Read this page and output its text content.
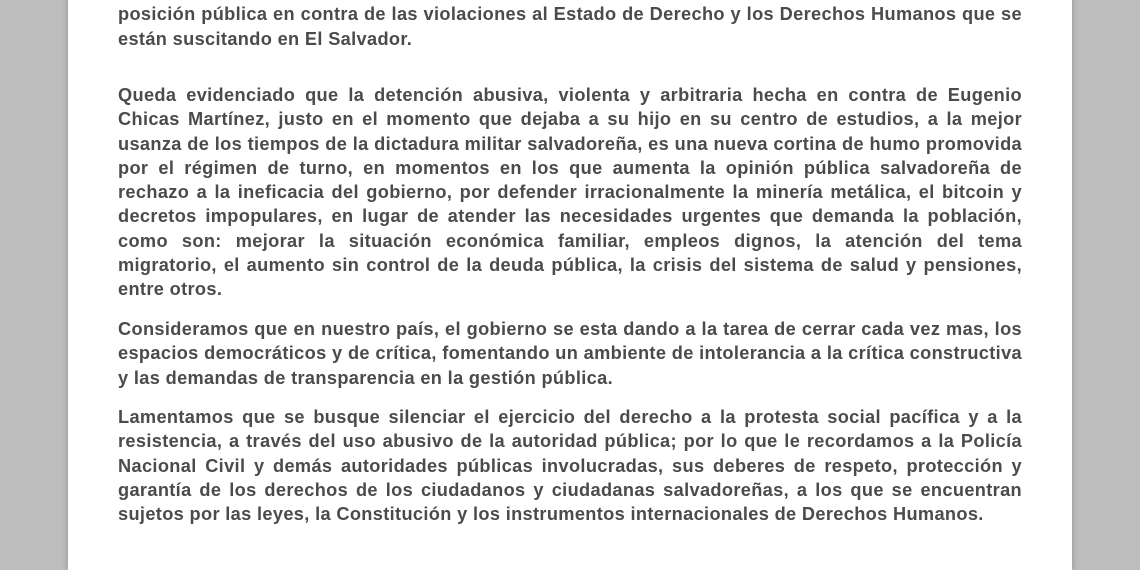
posición pública en contra de las violaciones al Estado de Derecho y los Derechos Humanos que se están suscitando en El Salvador.

Queda evidenciado que la detención abusiva, violenta y arbitraria hecha en contra de Eugenio Chicas Martínez, justo en el momento que dejaba a su hijo en su centro de estudios, a la mejor usanza de los tiempos de la dictadura militar salvadoreña, es una nueva cortina de humo promovida por el régimen de turno, en momentos en los que aumenta la opinión pública salvadoreña de rechazo a la ineficacia del gobierno, por defender irracionalmente la minería metálica, el bitcoin y decretos impopulares, en lugar de atender las necesidades urgentes que demanda la población, como son: mejorar la situación económica familiar, empleos dignos, la atención del tema migratorio, el aumento sin control de la deuda pública, la crisis del sistema de salud y pensiones, entre otros.

Consideramos que en nuestro país, el gobierno se esta dando a la tarea de cerrar cada vez mas, los espacios democráticos y de crítica, fomentando un ambiente de intolerancia a la crítica constructiva y las demandas de transparencia en la gestión pública.

Lamentamos que se busque silenciar el ejercicio del derecho a la protesta social pacífica y a la resistencia, a través del uso abusivo de la autoridad pública; por lo que le recordamos a la Policía Nacional Civil y demás autoridades públicas involucradas, sus deberes de respeto, protección y garantía de los derechos de los ciudadanos y ciudadanas salvadoreñas, a los que se encuentran sujetos por las leyes, la Constitución y los instrumentos internacionales de Derechos Humanos.
